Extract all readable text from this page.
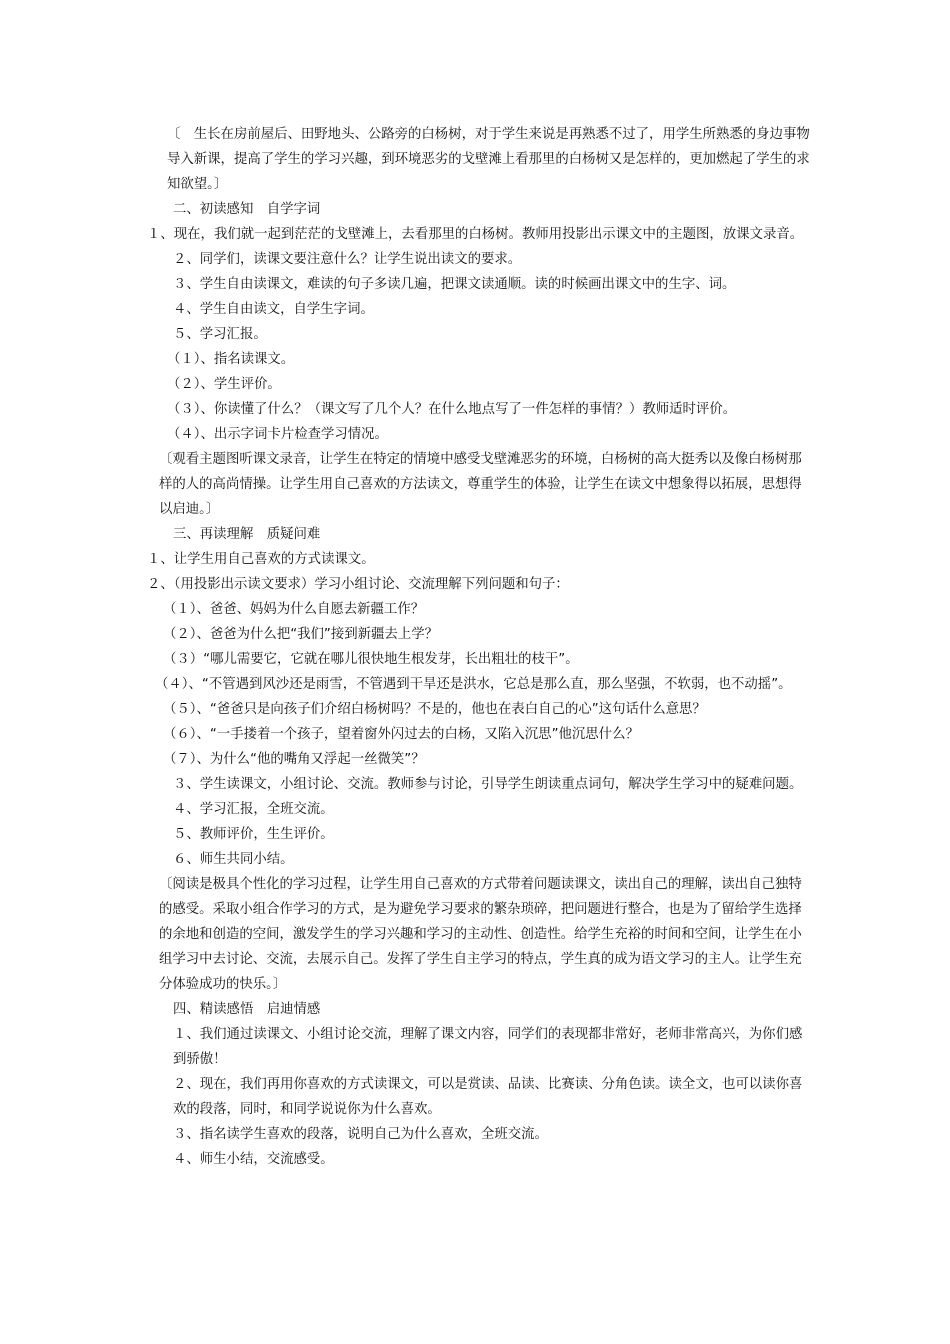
〔　生长在房前屋后、田野地头、公路旁的白杨树，对于学生来说是再熟悉不过了，用学生所熟悉的身边事物导入新课，提高了学生的学习兴趣，到环境恶劣的戈壁滩上看那里的白杨树又是怎样的，更加燃起了学生的求知欲望。〕

二、初读感知　自学字词

１、现在，我们就一起到茫茫的戈壁滩上，去看那里的白杨树。教师用投影出示课文中的主题图，放课文录音。

２、同学们，读课文要注意什么？让学生说出读文的要求。

３、学生自由读课文，难读的句子多读几遍，把课文读通顺。读的时候画出课文中的生字、词。

４、学生自由读文，自学生字词。

５、学习汇报。

（１）、指名读课文。

（２）、学生评价。

（３）、你读懂了什么？（课文写了几个人？在什么地点写了一件怎样的事情？）教师适时评价。

（４）、出示字词卡片检查学习情况。

〔观看主题图听课文录音，让学生在特定的情境中感受戈壁滩恶劣的环境，白杨树的高大挺秀以及像白杨树那样的人的高尚情操。让学生用自己喜欢的方法读文，尊重学生的体验，让学生在读文中想象得以拓展，思想得以启迪。〕

三、再读理解　质疑问难

１、让学生用自己喜欢的方式读课文。

２、（用投影出示读文要求）学习小组讨论、交流理解下列问题和句子：

（１）、爸爸、妈妈为什么自愿去新疆工作？

（２）、爸爸为什么把“我们”接到新疆去上学？

（３）“哪儿需要它，它就在哪儿很快地生根发芽，长出粗壮的枝干”。

（４）、“不管遇到风沙还是雨雪，不管遇到干旱还是洪水，它总是那么直，那么坚强，不软弱，也不动摇”。

（５）、“爸爸只是向孩子们介绍白杨树吗？不是的，他也在表白自己的心”这句话什么意思？

（６）、“一手搂着一个孩子，望着窗外闪过去的白杨，又陷入沉思”他沉思什么？

（７）、为什么“他的嘴角又浮起一丝微笑”？

３、学生读课文，小组讨论、交流。教师参与讨论，引导学生朗读重点词句，解决学生学习中的疑难问题。

４、学习汇报，全班交流。

５、教师评价，生生评价。

６、师生共同小结。

〔阅读是极具个性化的学习过程，让学生用自己喜欢的方式带着问题读课文，读出自己的理解，读出自己独特的感受。采取小组合作学习的方式，是为避免学习要求的繁杂琐碎，把问题进行整合，也是为了留给学生选择的余地和创造的空间，激发学生的学习兴趣和学习的主动性、创造性。给学生充裕的时间和空间，让学生在小组学习中去讨论、交流，去展示自己。发挥了学生自主学习的特点，学生真的成为语文学习的主人。让学生充分体验成功的快乐。〕

四、精读感悟　启迪情感

１、我们通过读课文、小组讨论交流，理解了课文内容，同学们的表现都非常好，老师非常高兴，为你们感到骄傲！

２、现在，我们再用你喜欢的方式读课文，可以是赏读、品读、比赛读、分角色读。读全文，也可以读你喜欢的段落，同时，和同学说说你为什么喜欢。

３、指名读学生喜欢的段落，说明自己为什么喜欢，全班交流。

４、师生小结，交流感受。
